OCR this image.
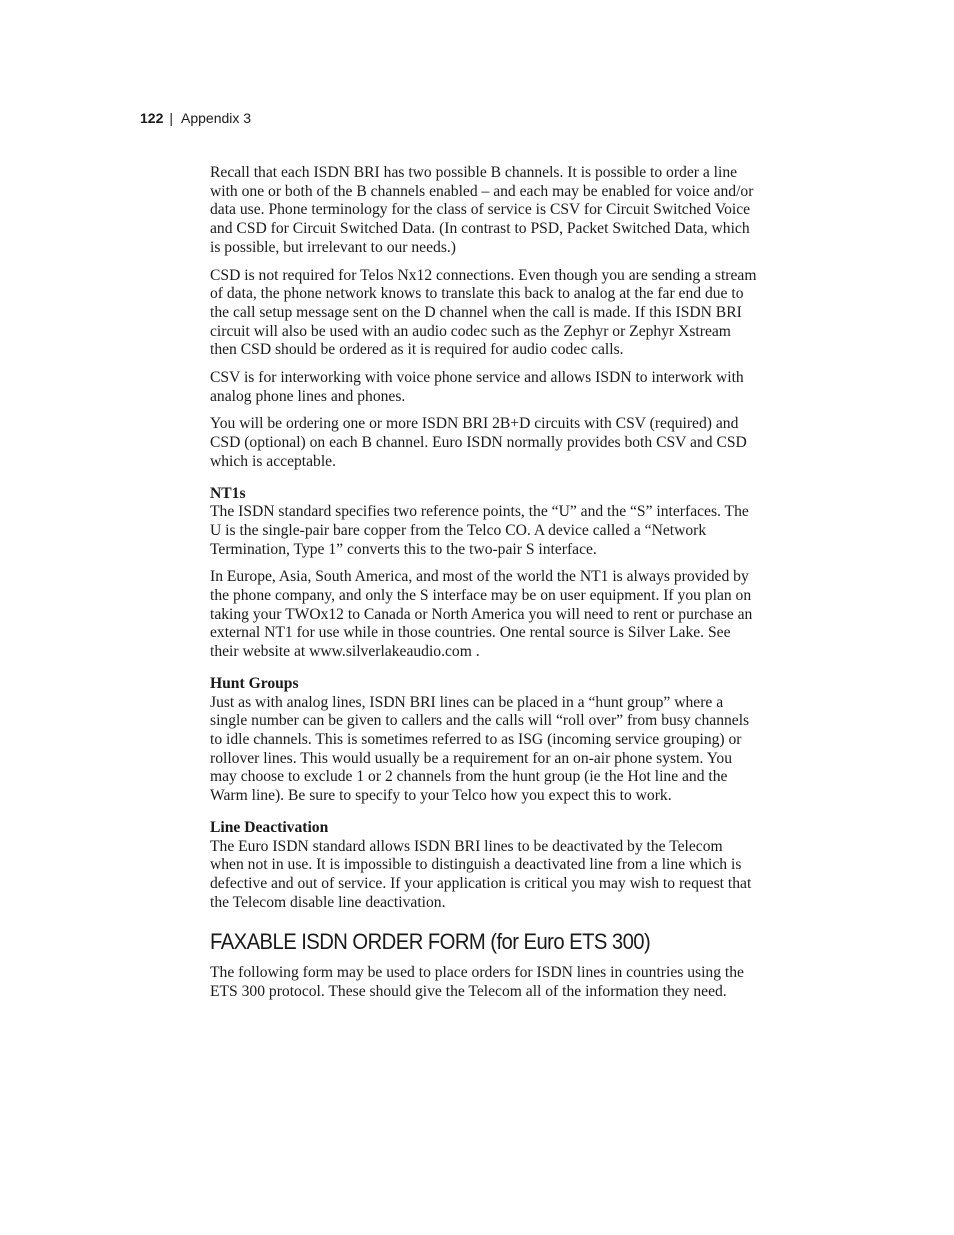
122 | Appendix 3

Recall that each ISDN BRI has two possible B channels. It is possible to order a line with one or both of the B channels enabled – and each may be enabled for voice and/or data use. Phone terminology for the class of service is CSV for Circuit Switched Voice and CSD for Circuit Switched Data. (In contrast to PSD, Packet Switched Data, which is possible, but irrelevant to our needs.)

CSD is not required for Telos Nx12 connections. Even though you are sending a stream of data, the phone network knows to translate this back to analog at the far end due to the call setup message sent on the D channel when the call is made. If this ISDN BRI circuit will also be used with an audio codec such as the Zephyr or Zephyr Xstream then CSD should be ordered as it is required for audio codec calls.

CSV is for interworking with voice phone service and allows ISDN to interwork with analog phone lines and phones.

You will be ordering one or more ISDN BRI 2B+D circuits with CSV (required) and CSD (optional) on each B channel. Euro ISDN normally provides both CSV and CSD which is acceptable.

NT1s

The ISDN standard specifies two reference points, the “U” and the “S” interfaces. The U is the single-pair bare copper from the Telco CO. A device called a “Network Termination, Type 1” converts this to the two-pair S interface.

In Europe, Asia, South America, and most of the world the NT1 is always provided by the phone company, and only the S interface may be on user equipment. If you plan on taking your TWOx12 to Canada or North America you will need to rent or purchase an external NT1 for use while in those countries. One rental source is Silver Lake. See their website at www.silverlakeaudio.com .

Hunt Groups

Just as with analog lines, ISDN BRI lines can be placed in a “hunt group” where a single number can be given to callers and the calls will “roll over” from busy channels to idle channels. This is sometimes referred to as ISG (incoming service grouping) or rollover lines. This would usually be a requirement for an on-air phone system. You may choose to exclude 1 or 2 channels from the hunt group (ie the Hot line and the Warm line). Be sure to specify to your Telco how you expect this to work.

Line Deactivation

The Euro ISDN standard allows ISDN BRI lines to be deactivated by the Telecom when not in use. It is impossible to distinguish a deactivated line from a line which is defective and out of service. If your application is critical you may wish to request that the Telecom disable line deactivation.

FAXABLE ISDN ORDER FORM (for Euro ETS 300)

The following form may be used to place orders for ISDN lines in countries using the ETS 300 protocol. These should give the Telecom all of the information they need.
